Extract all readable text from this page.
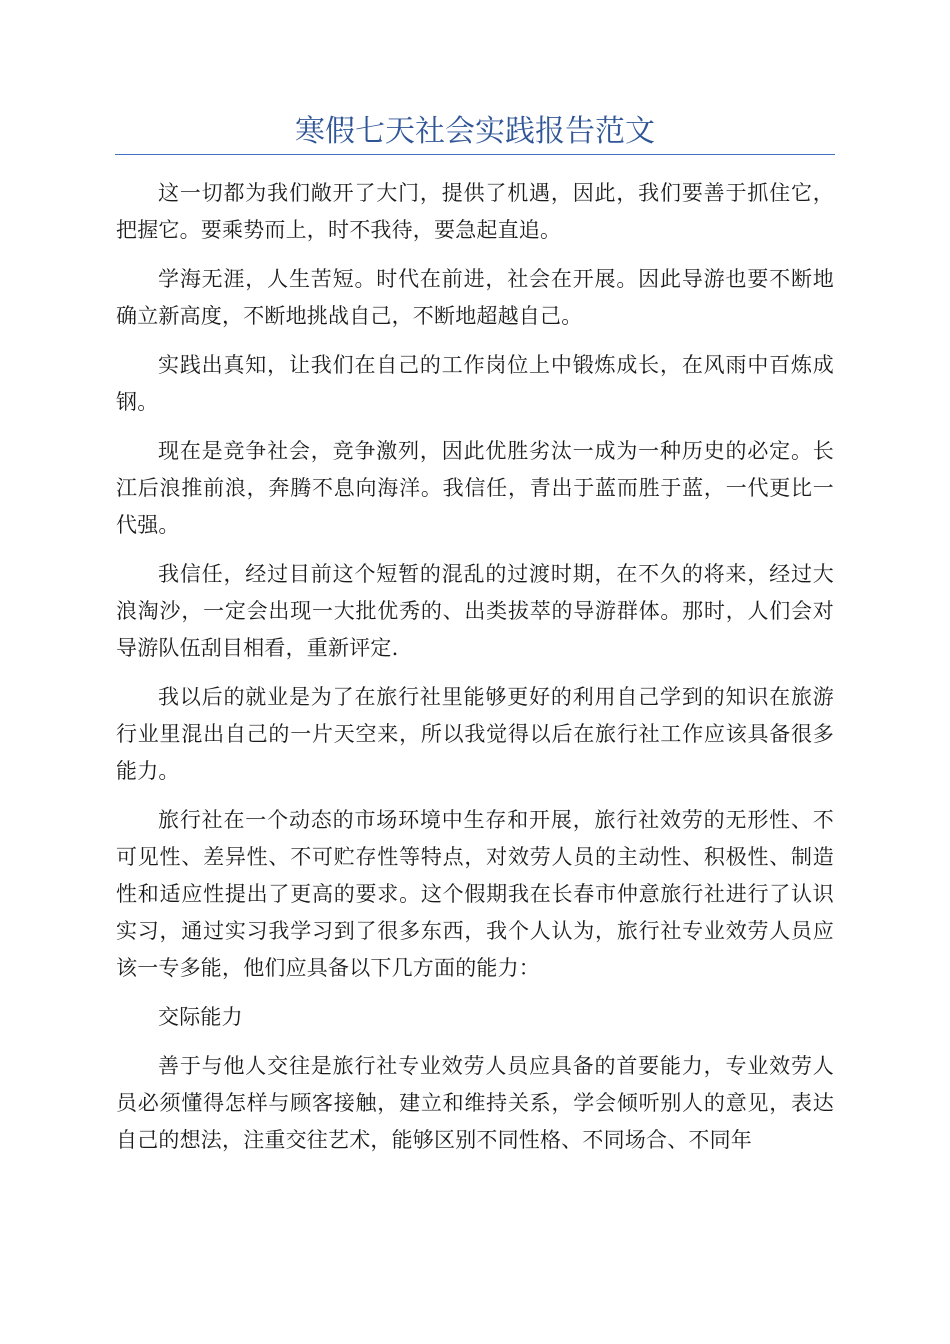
寒假七天社会实践报告范文

这一切都为我们敞开了大门，提供了机遇，因此，我们要善于抓住它，把握它。要乘势而上，时不我待，要急起直追。

学海无涯，人生苦短。时代在前进，社会在开展。因此导游也要不断地确立新高度，不断地挑战自己，不断地超越自己。

实践出真知，让我们在自己的工作岗位上中锻炼成长，在风雨中百炼成钢。

现在是竞争社会，竞争激列，因此优胜劣汰一成为一种历史的必定。长江后浪推前浪，奔腾不息向海洋。我信任，青出于蓝而胜于蓝，一代更比一代强。

我信任，经过目前这个短暂的混乱的过渡时期，在不久的将来，经过大浪淘沙，一定会出现一大批优秀的、出类拔萃的导游群体。那时，人们会对导游队伍刮目相看，重新评定.

我以后的就业是为了在旅行社里能够更好的利用自己学到的知识在旅游行业里混出自己的一片天空来，所以我觉得以后在旅行社工作应该具备很多能力。

旅行社在一个动态的市场环境中生存和开展，旅行社效劳的无形性、不可见性、差异性、不可贮存性等特点，对效劳人员的主动性、积极性、制造性和适应性提出了更高的要求。这个假期我在长春市仲意旅行社进行了认识实习，通过实习我学习到了很多东西，我个人认为，旅行社专业效劳人员应该一专多能，他们应具备以下几方面的能力：

交际能力

善于与他人交往是旅行社专业效劳人员应具备的首要能力，专业效劳人员必须懂得怎样与顾客接触，建立和维持关系，学会倾听别人的意见，表达自己的想法，注重交往艺术，能够区别不同性格、不同场合、不同年
